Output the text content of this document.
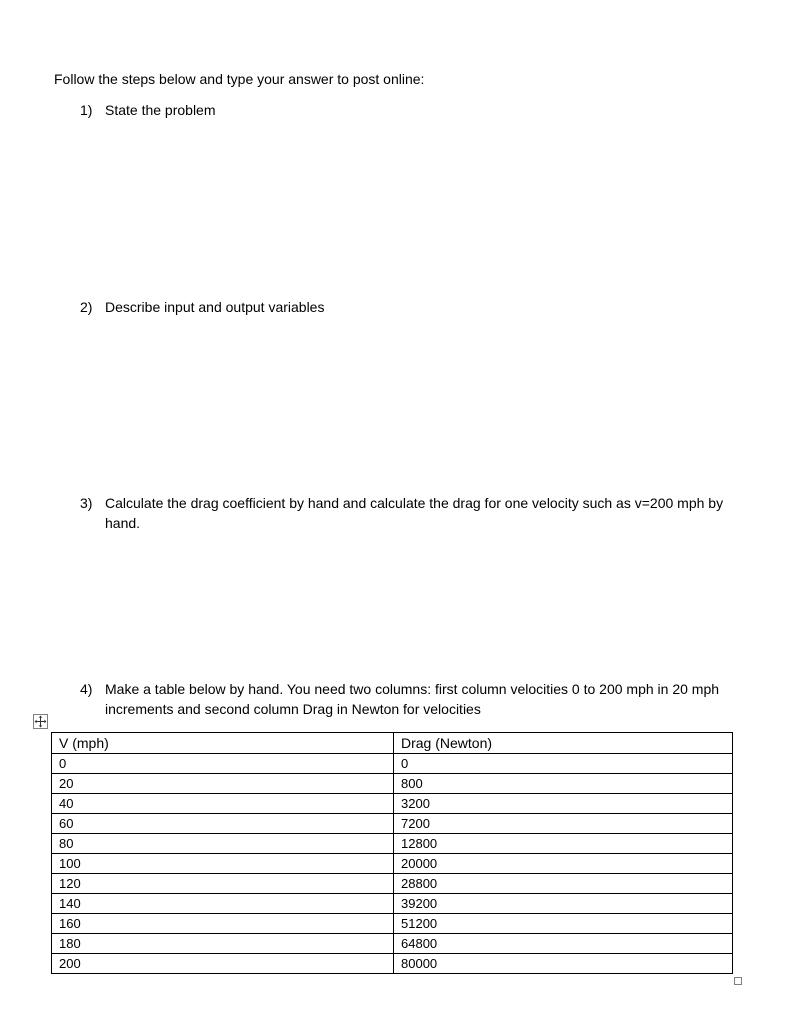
Follow the steps below and type your answer to post online:
1) State the problem
2) Describe input and output variables
3) Calculate the drag coefficient by hand and calculate the drag for one velocity such as v=200 mph by hand.
4) Make a table below by hand. You need two columns: first column velocities 0 to 200 mph in 20 mph increments and second column Drag in Newton for velocities
V (mph)	Drag (Newton)
0	0
20	800
40	3200
60	7200
80	12800
100	20000
120	28800
140	39200
160	51200
180	64800
200	80000
